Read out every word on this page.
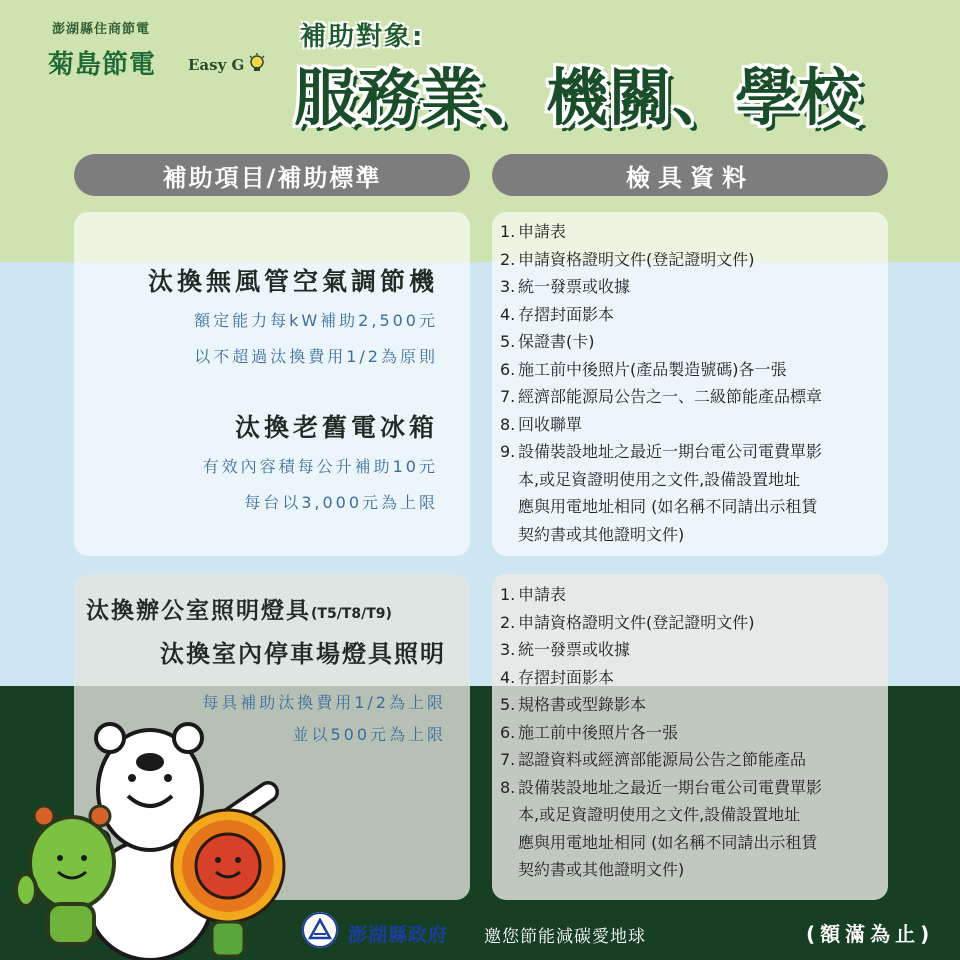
澎湖縣住商節電
菊島節電 Easy G
補助對象:
服務業、機關、學校
補助項目/補助標準	檢具資料
汰換無風管空氣調節機
額定能力每kW補助2,500元
以不超過汰換費用1/2為原則
汰換老舊電冰箱
有效內容積每公升補助10元
每台以3,000元為上限
1. 申請表
2. 申請資格證明文件(登記證明文件)
3. 統一發票或收據
4. 存摺封面影本
5. 保證書(卡)
6. 施工前中後照片(產品製造號碼)各一張
7. 經濟部能源局公告之一、二級節能產品標章
8. 回收聯單
9. 設備裝設地址之最近一期台電公司電費單影
本,或足資證明使用之文件,設備設置地址
應與用電地址相同 (如名稱不同請出示租賃
契約書或其他證明文件)
汰換辦公室照明燈具(T5/T8/T9)
汰換室內停車場燈具照明
每具補助汰換費用1/2為上限
並以500元為上限
1. 申請表
2. 申請資格證明文件(登記證明文件)
3. 統一發票或收據
4. 存摺封面影本
5. 規格書或型錄影本
6. 施工前中後照片各一張
7. 認證資料或經濟部能源局公告之節能產品
8. 設備裝設地址之最近一期台電公司電費單影
本,或足資證明使用之文件,設備設置地址
應與用電地址相同 (如名稱不同請出示租賃
契約書或其他證明文件)
澎湖縣政府 邀您節能減碳愛地球	(額滿為止)
